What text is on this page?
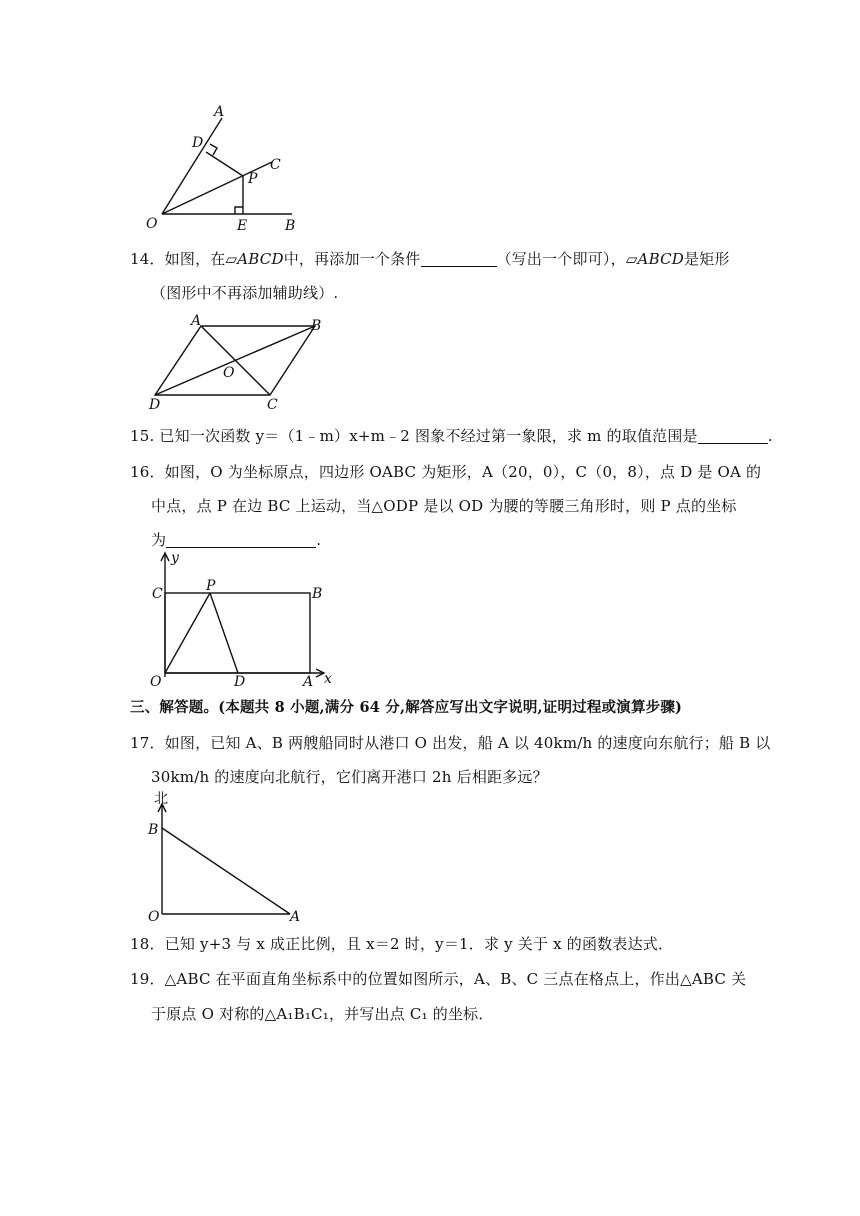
A
D
C
P
O	E	B
14．如图，在▱ABCD中，再添加一个条件	（写出一个即可），▱ABCD是矩形
（图形中不再添加辅助线）.
A	B
O
D	C
15. 已知一次函数 y＝（1﹣m）x+m﹣2 图象不经过第一象限，求 m 的取值范围是	.
16．如图，O 为坐标原点，四边形 OABC 为矩形，A（20，0），C（0，8），点 D 是 OA 的
中点，点 P 在边 BC 上运动，当△ODP 是以 OD 为腰的等腰三角形时，则 P 点的坐标
为	.
y
C	P	B
O	D	A x
三、解答题。(本题共 8 小题,满分 64 分,解答应写出文字说明,证明过程或演算步骤)
17．如图，已知 A、B 两艘船同时从港口 O 出发，船 A 以 40km/h 的速度向东航行；船 B 以
30km/h 的速度向北航行，它们离开港口 2h 后相距多远？
北
B
O	A
18．已知 y+3 与 x 成正比例，且 x＝2 时，y＝1．求 y 关于 x 的函数表达式．
19．△ABC 在平面直角坐标系中的位置如图所示，A、B、C 三点在格点上，作出△ABC 关
于原点 O 对称的△A₁B₁C₁，并写出点 C₁ 的坐标．
